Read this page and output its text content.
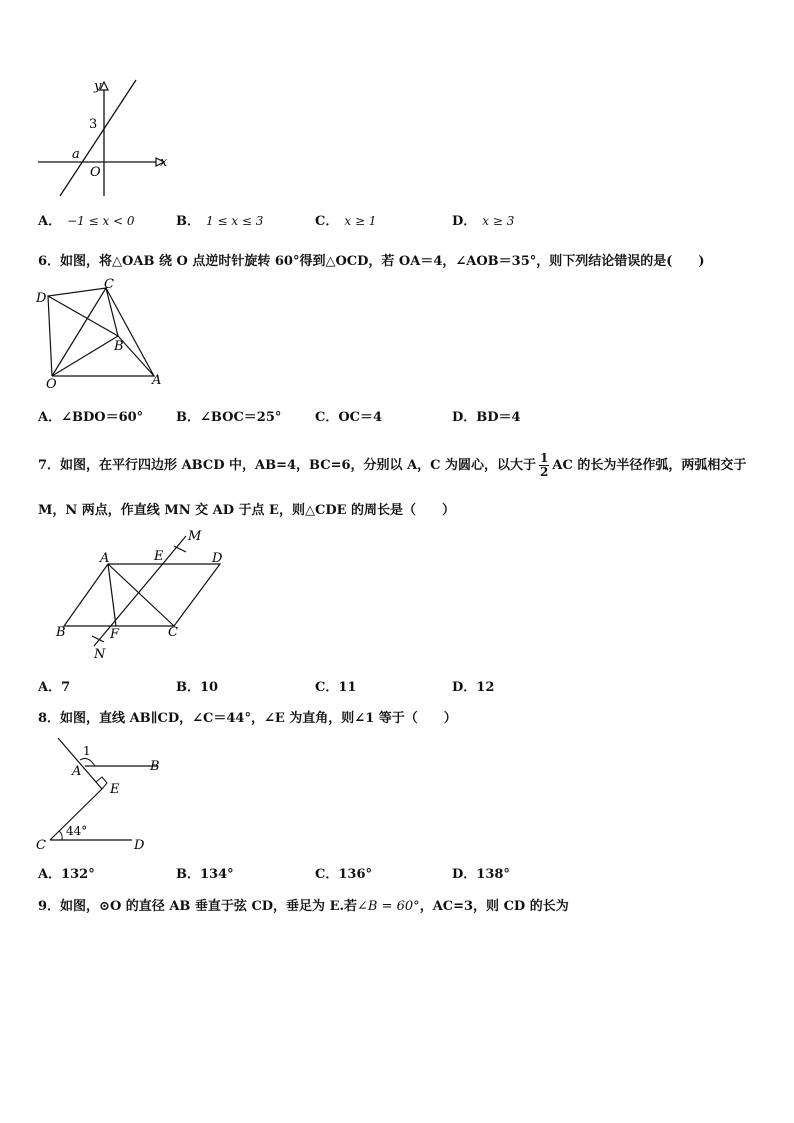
y
x
3
a
O
A． −1 ≤ 𝑥 < 0	B． 1 ≤ 𝑥 ≤ 3	C． 𝑥 ≥ 1	D． 𝑥 ≥ 3
6．如图，将△OAB 绕 O 点逆时针旋转 60°得到△OCD，若 OA＝4，∠AOB＝35°，则下列结论错误的是(　　)
D
C
B
O	A
A．∠BDO＝60°	B．∠BOC＝25°	C．OC＝4	D．BD＝4
7．如图，在平行四边形 ABCD 中，AB=4，BC=6，分别以 A，C 为圆心，以大于 $\frac{1}{2}$ AC 的长为半径作弧，两弧相交于
M，N 两点，作直线 MN 交 AD 于点 E，则△CDE 的周长是（　　）
A	E
M
D
B	F	C
N
A．7	B．10	C．11	D．12
8．如图，直线 AB∥CD，∠C＝44°，∠E 为直角，则∠1 等于（　　）
1
A	B
E
C	D
44°
A．132°	B．134°	C．136°	D．138°
9．如图，⊙O 的直径 AB 垂直于弦 CD，垂足为 E.若∠B = 60°，AC=3，则 CD 的长为
